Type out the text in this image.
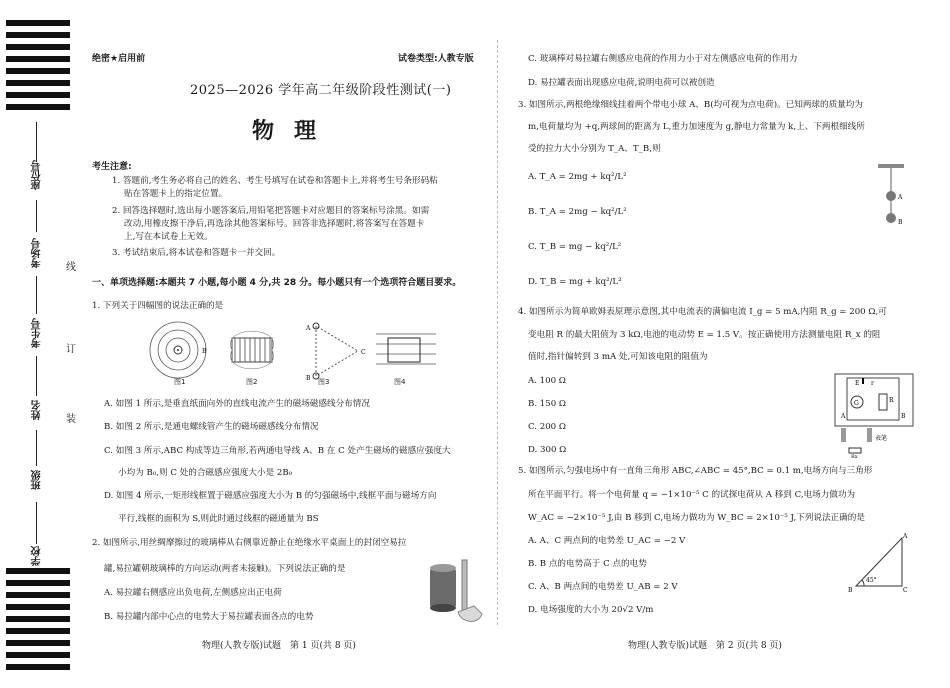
座位号
考场号
考生号
姓名
班级
学校
线
订
装
绝密★启用前	试卷类型:人教专版
2025—2026 学年高二年级阶段性测试(一)
物理
考生注意:
1. 答题前,考生务必将自己的姓名、考生号填写在试卷和答题卡上,并将考生号条形码粘
贴在答题卡上的指定位置。
2. 回答选择题时,选出每小题答案后,用铅笔把答题卡对应题目的答案标号涂黑。如需
改动,用橡皮擦干净后,再选涂其他答案标号。回答非选择题时,将答案写在答题卡
上,写在本试卷上无效。
3. 考试结束后,将本试卷和答题卡一并交回。
一、单项选择题:本题共 7 小题,每小题 4 分,共 28 分。每小题只有一个选项符合题目要求。
1. 下列关于四幅图的说法正确的是
B
A
B
C
图1	图2	图3	图4
A. 如图 1 所示,是垂直纸面向外的直线电流产生的磁场磁感线分布情况
B. 如图 2 所示,是通电螺线管产生的磁场磁感线分布情况
C. 如图 3 所示,ABC 构成等边三角形,若两通电导线 A、B 在 C 处产生磁场的磁感应强度大
小均为 B₀,则 C 处的合磁感应强度大小是 2B₀
D. 如图 4 所示,一矩形线框置于磁感应强度大小为 B 的匀强磁场中,线框平面与磁场方向
平行,线框的面积为 S,则此时通过线框的磁通量为 BS
2. 如图所示,用丝绸摩擦过的玻璃棒从右侧靠近静止在绝缘水平桌面上的封闭空易拉
罐,易拉罐朝玻璃棒的方向运动(两者未接触)。下列说法正确的是
A. 易拉罐右侧感应出负电荷,左侧感应出正电荷
B. 易拉罐内部中心点的电势大于易拉罐表面各点的电势
物理(人教专版)试题　第 1 页(共 8 页)
C. 玻璃棒对易拉罐右侧感应电荷的作用力小于对左侧感应电荷的作用力
D. 易拉罐表面出现感应电荷,说明电荷可以被创造
3. 如图所示,两根绝缘细线挂着两个带电小球 A、B(均可视为点电荷)。已知两球的质量均为
m,电荷量均为 +q,两球间的距离为 L,重力加速度为 g,静电力常量为 k,上、下两根细线所
受的拉力大小分别为 T_A、T_B,则
A. T_A = 2mg + kq²/L²
B. T_A = 2mg − kq²/L²
C. T_B = mg − kq²/L²
D. T_B = mg + kq²/L²
A
B
4. 如图所示为简单欧姆表原理示意图,其中电流表的满偏电流 I_g = 5 mA,内阻 R_g = 200 Ω,可
变电阻 R 的最大阻值为 3 kΩ,电池的电动势 E = 1.5 V。按正确使用方法测量电阻 R_x 的阻
值时,指针偏转到 3 mA 处,可知该电阻的阻值为
A. 100 Ω
B. 150 Ω
C. 200 Ω
D. 300 Ω
E r
G	R
A	B
表笔
Rx
5. 如图所示,匀强电场中有一直角三角形 ABC,∠ABC = 45°,BC = 0.1 m,电场方向与三角形
所在平面平行。将一个电荷量 q = −1×10⁻⁵ C 的试探电荷从 A 移到 C,电场力做功为
W_AC = −2×10⁻⁵ J,由 B 移到 C,电场力做功为 W_BC = 2×10⁻⁵ J,下列说法正确的是
A. A、C 两点间的电势差 U_AC = −2 V
B. B 点的电势高于 C 点的电势
C. A、B 两点间的电势差 U_AB = 2 V
D. 电场强度的大小为 20√2 V/m
B	C
A
45°
物理(人教专版)试题　第 2 页(共 8 页)
